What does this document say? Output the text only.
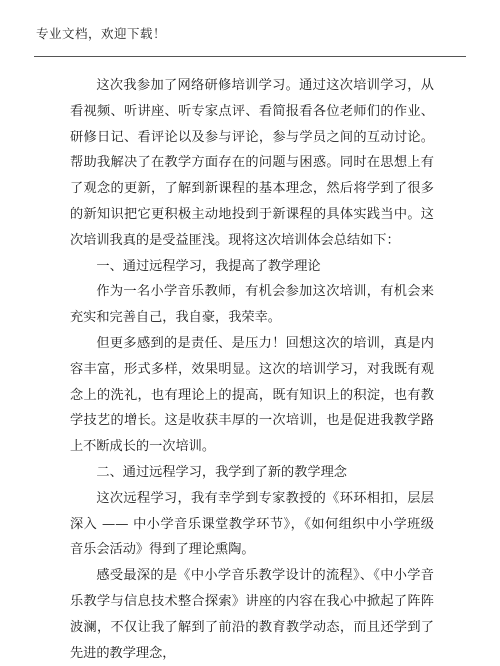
专业文档，欢迎下载！

这次我参加了网络研修培训学习。通过这次培训学习，从看视频、听讲座、听专家点评、看简报看各位老师们的作业、研修日记、看评论以及参与评论，参与学员之间的互动讨论。帮助我解决了在教学方面存在的问题与困惑。同时在思想上有了观念的更新，了解到新课程的基本理念，然后将学到了很多的新知识把它更积极主动地投到于新课程的具体实践当中。这次培训我真的是受益匪浅。现将这次培训体会总结如下：

一、通过远程学习，我提高了教学理论

作为一名小学音乐教师，有机会参加这次培训，有机会来充实和完善自己，我自豪，我荣幸。

但更多感到的是责任、是压力！回想这次的培训，真是内容丰富，形式多样，效果明显。这次的培训学习，对我既有观念上的洗礼，也有理论上的提高，既有知识上的积淀，也有教学技艺的增长。这是收获丰厚的一次培训，也是促进我教学路上不断成长的一次培训。

二、通过远程学习，我学到了新的教学理念

这次远程学习，我有幸学到专家教授的《环环相扣，层层深入 —— 中小学音乐课堂教学环节》，《如何组织中小学班级音乐会活动》得到了理论熏陶。

感受最深的是《中小学音乐教学设计的流程》、《中小学音乐教学与信息技术整合探索》讲座的内容在我心中掀起了阵阵波澜，不仅让我了解到了前沿的教育教学动态，而且还学到了先进的教学理念，
